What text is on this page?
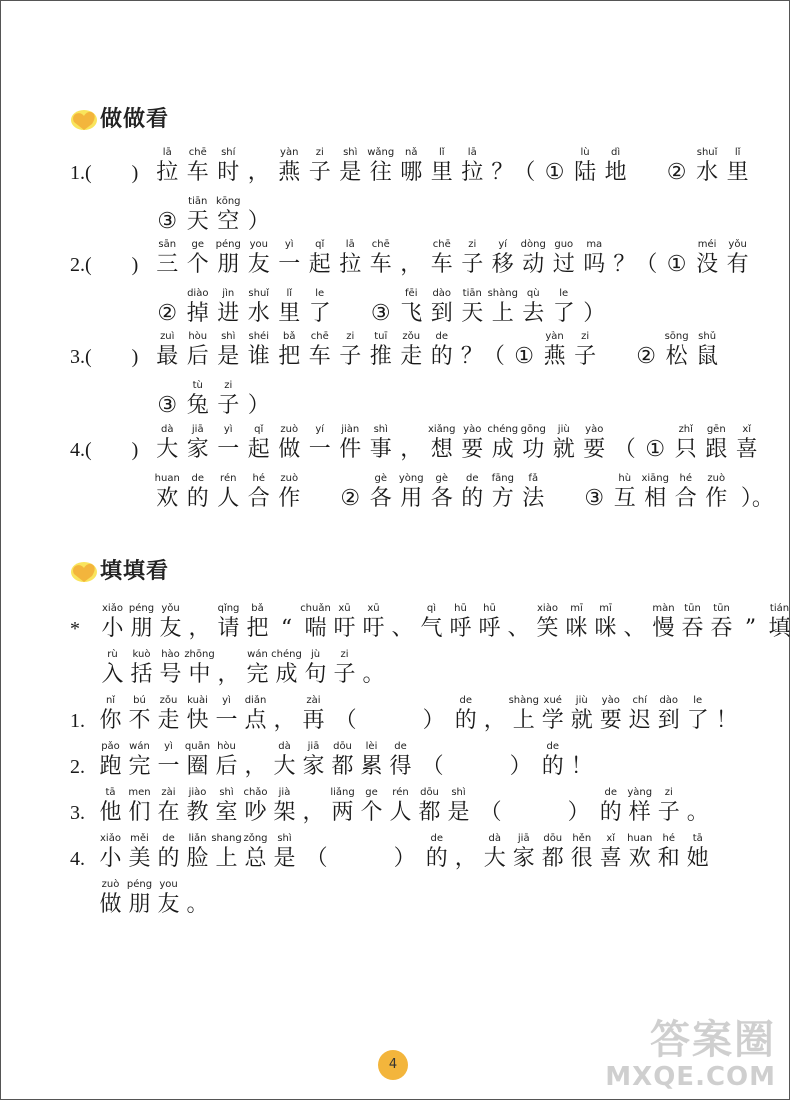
做做看
1.(　　)
lā
拉
chē
车
shí
时 ，
yàn
燕
zi
子
shì
是
wǎng
往
nǎ
哪
lǐ
里
lā
拉 ？（ ①
lù
陆
dì
地
　 ②
shuǐ
水
lǐ
里
③
tiān
天
kōng
空 ）
2.(　　)
sān
三
ge
个
péng
朋
you
友
yì
一
qǐ
起
lā
拉
chē
车 ，
chē
车
zi
子
yí
移
dòng
动
guo
过
ma
吗 ？（ ①
méi
没
yǒu
有
②
diào
掉
jìn
进
shuǐ
水
lǐ
里
le
了
　 ③
fēi
飞
dào
到
tiān
天
shàng
上
qù
去
le
了 ）
3.(　　)
zuì
最
hòu
后
shì
是
shéi
谁
bǎ
把
chē
车
zi
子
tuī
推
zǒu
走
de
的 ？（ ①
yàn
燕
zi
子
　 ②
sōng
松
shǔ
鼠
③
tù
兔
zi
子 ）
4.(　　)
dà
大
jiā
家
yì
一
qǐ
起
zuò
做
yí
一
jiàn
件
shì
事 ，
xiǎng
想
yào
要
chéng
成
gōng
功
jiù
就
yào
要 （ ①
zhǐ
只
gēn
跟
xǐ
喜
huan
欢
de
的
rén
人
hé
合
zuò
作
　 ②
gè
各
yòng
用
gè
各
de
的
fāng
方
fǎ
法
　 ③
hù
互
xiāng
相
hé
合
zuò
作 ）。
填填看
*
xiǎo
小
péng
朋
yǒu
友 ，
qǐng
请
bǎ
把 “
chuǎn
喘
xū
吁
xū
吁 、
qì
气
hū
呼
hū
呼 、
xiào
笑
mī
咪
mī
咪 、
màn
慢
tūn
吞
tūn
吞 ”
tián
填
rù
入
kuò
括
hào
号
zhōng
中 ，
wán
完
chéng
成
jù
句
zi
子 。
1.
nǐ
你
bú
不
zǒu
走
kuài
快
yì
一
diǎn
点 ，
zài
再 （　　　）
de
的 ，
shàng
上
xué
学
jiù
就
yào
要
chí
迟
dào
到
le
了 ！
2.
pǎo
跑
wán
完
yì
一
quān
圈
hòu
后 ，
dà
大
jiā
家
dōu
都
lèi
累
de
得 （　　　）
de
的 ！
3.
tā
他
men
们
zài
在
jiào
教
shì
室
chǎo
吵
jià
架 ，
liǎng
两
ge
个
rén
人
dōu
都
shì
是 （　　　）
de
的
yàng
样
zi
子 。
4.
xiǎo
小
měi
美
de
的
liǎn
脸
shang
上
zǒng
总
shì
是 （　　　）
de
的 ，
dà
大
jiā
家
dōu
都
hěn
很
xǐ
喜
huan
欢
hé
和
tā
她
zuò
做
péng
朋
you
友 。
4
答案圈
MXQE.COM
